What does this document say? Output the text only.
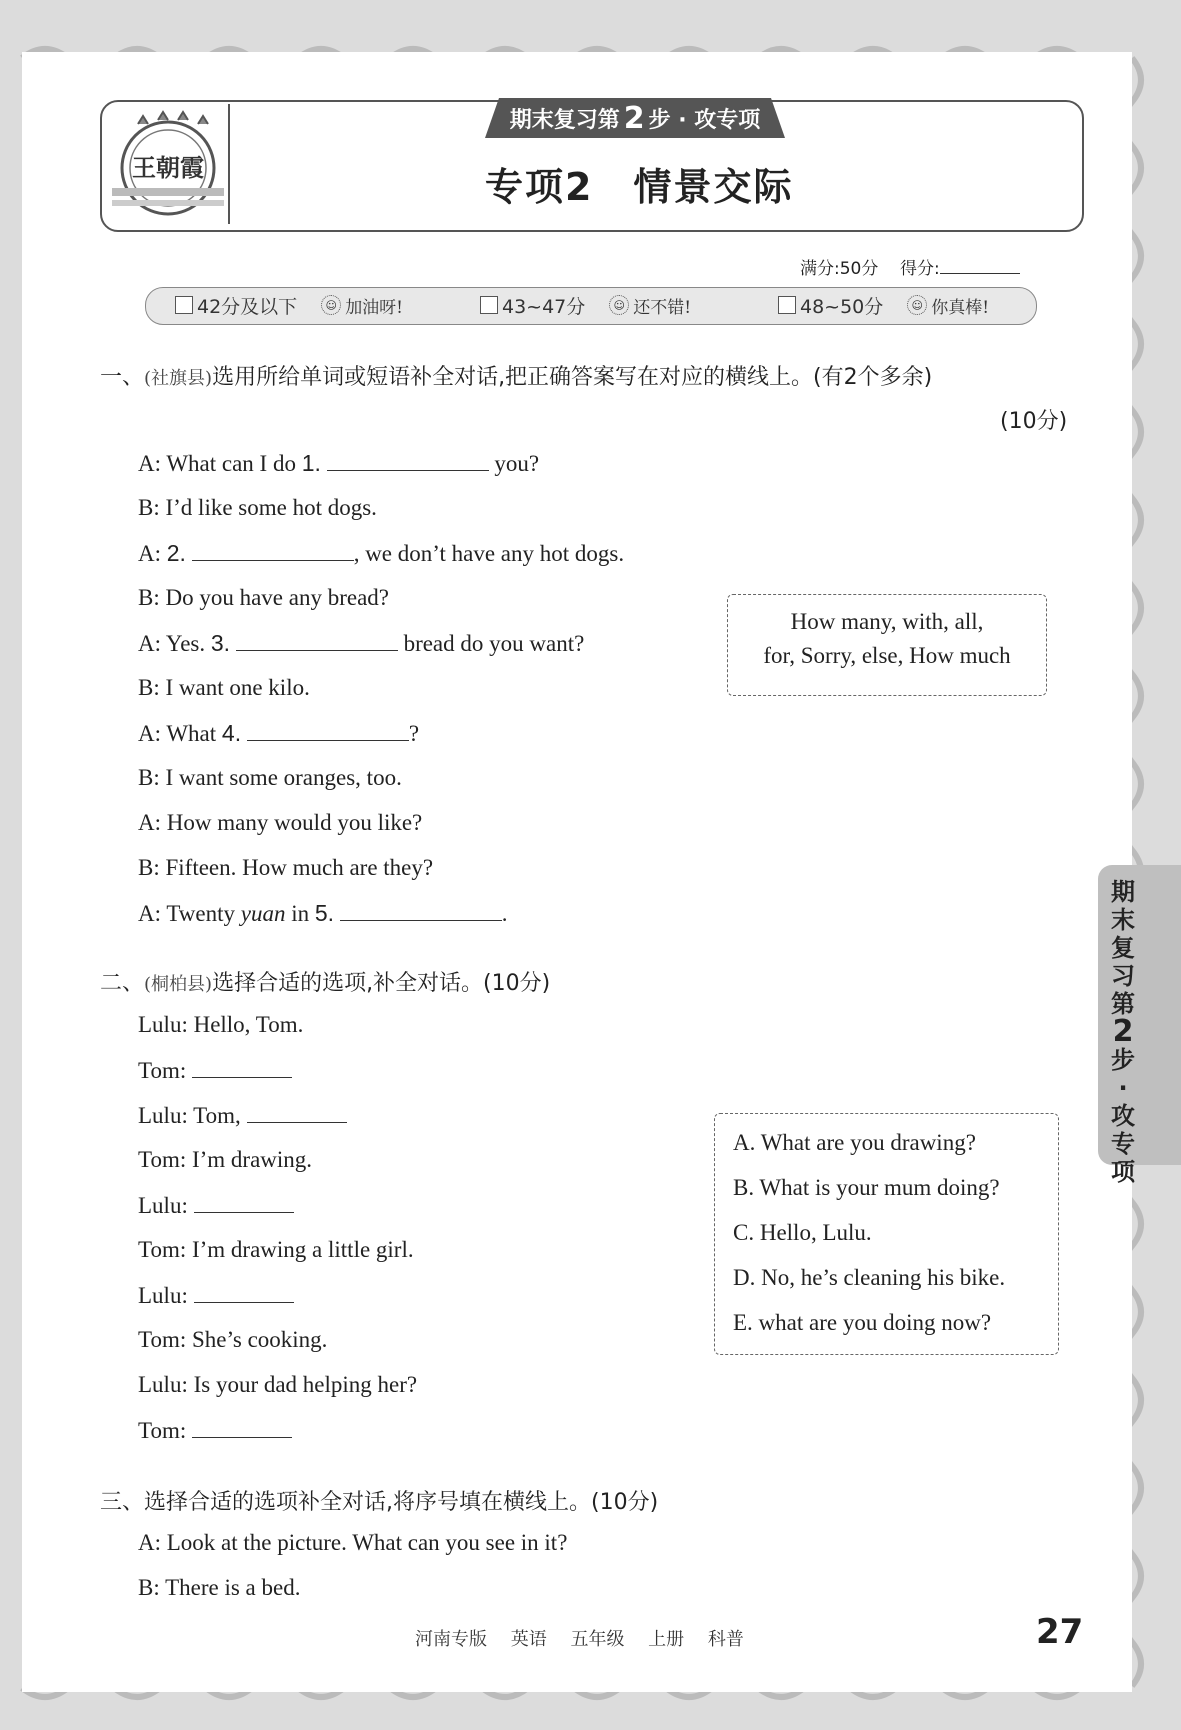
王朝霞
期末复习第 2 步 · 攻专项
专项2 情景交际
满分:50分 得分:
42分及以下	☺ 加油呀!	43~47分	☺ 还不错!	48~50分	☺ 你真棒!
一、(社旗县)选用所给单词或短语补全对话,把正确答案写在对应的横线上。(有2个多余)
(10分)
A: What can I do 1.	you?
B: I’d like some hot dogs.
A: 2.	, we don’t have any hot dogs.
B: Do you have any bread?
A: Yes. 3.	bread do you want?
B: I want one kilo.
A: What 4.	?
B: I want some oranges, too.
A: How many would you like?
B: Fifteen. How much are they?
A: Twenty yuan in 5.	.
How many, with, all,
for, Sorry, else, How much
二、(桐柏县)选择合适的选项,补全对话。(10分)
Lulu: Hello, Tom.
Tom:
Lulu: Tom,
Tom: I’m drawing.
Lulu:
Tom: I’m drawing a little girl.
Lulu:
Tom: She’s cooking.
Lulu: Is your dad helping her?
Tom:
A. What are you drawing?
B. What is your mum doing?
C. Hello, Lulu.
D. No, he’s cleaning his bike.
E. what are you doing now?
三、选择合适的选项补全对话,将序号填在横线上。(10分)
A: Look at the picture. What can you see in it?
B: There is a bed.
期
末
复
习
第
2
步
·
攻
专
项
河南专版 英语 五年级 上册 科普	27
